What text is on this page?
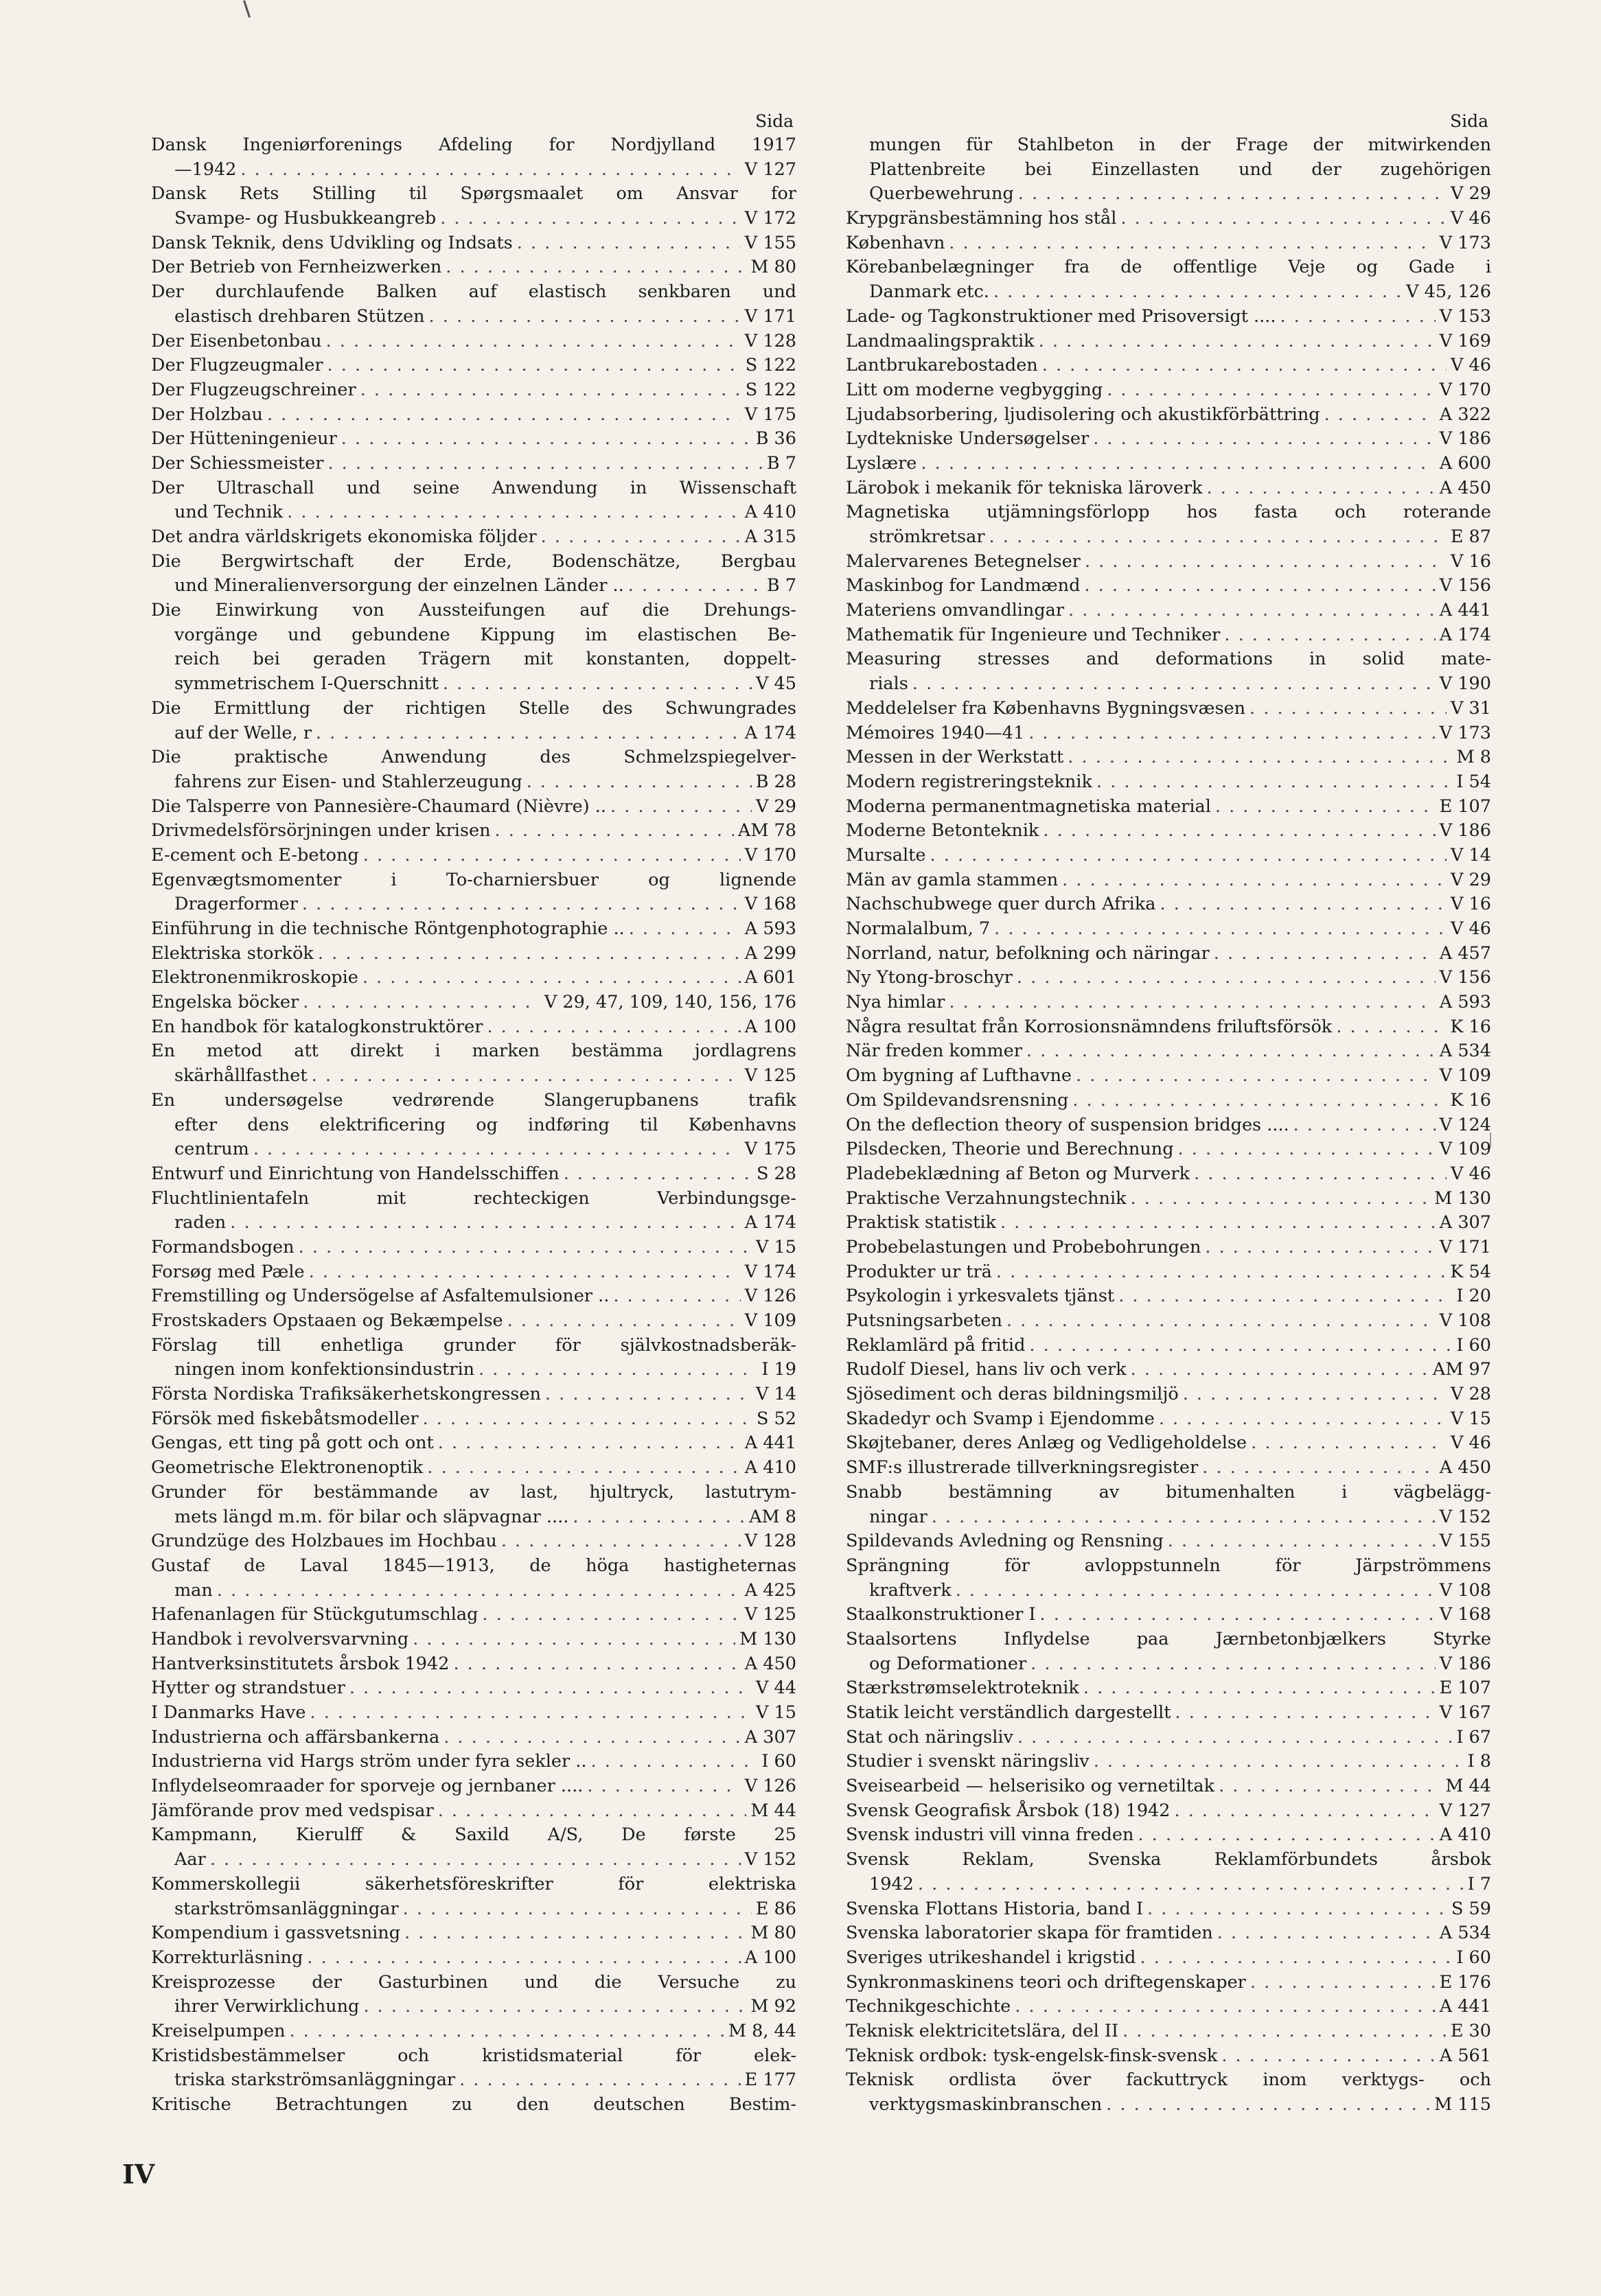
Sida
Dansk Ingeniørforenings Afdeling for Nordjylland 1917
—1942 . . .	V 127
Dansk Rets Stilling til Spørgsmaalet om Ansvar for
Svampe- og Husbukkeangreb . . .	V 172
Dansk Teknik, dens Udvikling og Indsats . . .	V 155
Der Betrieb von Fernheizwerken . . .	M 80
Der durchlaufende Balken auf elastisch senkbaren und
elastisch drehbaren Stützen . . .	V 171
Der Eisenbetonbau . . .	V 128
Der Flugzeugmaler . . .	S 122
Der Flugzeugschreiner . . .	S 122
Der Holzbau . . .	V 175
Der Hütteningenieur . . .	B 36
Der Schiessmeister . . .	B 7
Der Ultraschall und seine Anwendung in Wissenschaft
und Technik . . .	A 410
Det andra världskrigets ekonomiska följder . . .	A 315
Die Bergwirtschaft der Erde, Bodenschätze, Bergbau
und Mineralienversorgung der einzelnen Länder .. . . .	B 7
Die Einwirkung von Aussteifungen auf die Drehungs-
vorgänge und gebundene Kippung im elastischen Be-
reich bei geraden Trägern mit konstanten, doppelt-
symmetrischem I-Querschnitt . . .	V 45
Die Ermittlung der richtigen Stelle des Schwungrades
auf der Welle, r . . .	A 174
Die praktische Anwendung des Schmelzspiegelver-
fahrens zur Eisen- und Stahlerzeugung . . .	B 28
Die Talsperre von Pannesière-Chaumard (Nièvre) .. . . .	V 29
Drivmedelsförsörjningen under krisen . . .	AM 78
E-cement och E-betong . . .	V 170
Egenvægtsmomenter i To-charniersbuer og lignende
Dragerformer . . .	V 168
Einführung in die technische Röntgenphotographie .. . . .	A 593
Elektriska storkök . . .	A 299
Elektronenmikroskopie . . .	A 601
Engelska böcker . . .	V 29, 47, 109, 140, 156, 176
En handbok för katalogkonstruktörer . . .	A 100
En metod att direkt i marken bestämma jordlagrens
skärhållfasthet . . .	V 125
En undersøgelse vedrørende Slangerupbanens trafik
efter dens elektrificering og indføring til Københavns
centrum . . .	V 175
Entwurf und Einrichtung von Handelsschiffen . . .	S 28
Fluchtlinientafeln mit rechteckigen Verbindungsge-
raden . . .	A 174
Formandsbogen . . .	V 15
Forsøg med Pæle . . .	V 174
Fremstilling og Undersögelse af Asfaltemulsioner .. . . .	V 126
Frostskaders Opstaaen og Bekæmpelse . . .	V 109
Förslag till enhetliga grunder för självkostnadsberäk-
ningen inom konfektionsindustrin . . .	I 19
Första Nordiska Trafiksäkerhetskongressen . . .	V 14
Försök med fiskebåtsmodeller . . .	S 52
Gengas, ett ting på gott och ont . . .	A 441
Geometrische Elektronenoptik . . .	A 410
Grunder för bestämmande av last, hjultryck, lastutrym-
mets längd m.m. för bilar och släpvagnar .... . . .	AM 8
Grundzüge des Holzbaues im Hochbau . . .	V 128
Gustaf de Laval 1845—1913, de höga hastigheternas
man . . .	A 425
Hafenanlagen für Stückgutumschlag . . .	V 125
Handbok i revolversvarvning . . .	M 130
Hantverksinstitutets årsbok 1942 . . .	A 450
Hytter og strandstuer . . .	V 44
I Danmarks Have . . .	V 15
Industrierna och affärsbankerna . . .	A 307
Industrierna vid Hargs ström under fyra sekler .. . . .	I 60
Inflydelseomraader for sporveje og jernbaner .... . . .	V 126
Jämförande prov med vedspisar . . .	M 44
Kampmann, Kierulff & Saxild A/S, De første 25
Aar . . .	V 152
Kommerskollegii säkerhetsföreskrifter för elektriska
starkströmsanläggningar . . .	E 86
Kompendium i gassvetsning . . .	M 80
Korrekturläsning . . .	A 100
Kreisprozesse der Gasturbinen und die Versuche zu
ihrer Verwirklichung . . .	M 92
Kreiselpumpen . . .	M 8, 44
Kristidsbestämmelser och kristidsmaterial för elek-
triska starkströmsanläggningar . . .	E 177
Kritische Betrachtungen zu den deutschen Bestim-
Sida
mungen für Stahlbeton in der Frage der mitwirkenden
Plattenbreite bei Einzellasten und der zugehörigen
Querbewehrung . . .	V 29
Krypgränsbestämning hos stål . . .	V 46
København . . .	V 173
Körebanbelægninger fra de offentlige Veje og Gade i
Danmark etc. . . .	V 45, 126
Lade- og Tagkonstruktioner med Prisoversigt .... . . .	V 153
Landmaalingspraktik . . .	V 169
Lantbrukarebostaden . . .	V 46
Litt om moderne vegbygging . . .	V 170
Ljudabsorbering, ljudisolering och akustikförbättring . . .	A 322
Lydtekniske Undersøgelser . . .	V 186
Lyslære . . .	A 600
Lärobok i mekanik för tekniska läroverk . . .	A 450
Magnetiska utjämningsförlopp hos fasta och roterande
strömkretsar . . .	E 87
Malervarenes Betegnelser . . .	V 16
Maskinbog for Landmænd . . .	V 156
Materiens omvandlingar . . .	A 441
Mathematik für Ingenieure und Techniker . . .	A 174
Measuring stresses and deformations in solid mate-
rials . . .	V 190
Meddelelser fra Københavns Bygningsvæsen . . .	V 31
Mémoires 1940—41 . . .	V 173
Messen in der Werkstatt . . .	M 8
Modern registreringsteknik . . .	I 54
Moderna permanentmagnetiska material . . .	E 107
Moderne Betonteknik . . .	V 186
Mursalte . . .	V 14
Män av gamla stammen . . .	V 29
Nachschubwege quer durch Afrika . . .	V 16
Normalalbum, 7 . . .	V 46
Norrland, natur, befolkning och näringar . . .	A 457
Ny Ytong-broschyr . . .	V 156
Nya himlar . . .	A 593
Några resultat från Korrosionsnämndens friluftsförsök . . .	K 16
När freden kommer . . .	A 534
Om bygning af Lufthavne . . .	V 109
Om Spildevandsrensning . . .	K 16
On the deflection theory of suspension bridges .... . . .	V 124
Pilsdecken, Theorie und Berechnung . . .	V 109
Pladebeklædning af Beton og Murverk . . .	V 46
Praktische Verzahnungstechnik . . .	M 130
Praktisk statistik . . .	A 307
Probebelastungen und Probebohrungen . . .	V 171
Produkter ur trä . . .	K 54
Psykologin i yrkesvalets tjänst . . .	I 20
Putsningsarbeten . . .	V 108
Reklamlärd på fritid . . .	I 60
Rudolf Diesel, hans liv och verk . . .	AM 97
Sjösediment och deras bildningsmiljö . . .	V 28
Skadedyr och Svamp i Ejendomme . . .	V 15
Skøjtebaner, deres Anlæg og Vedligeholdelse . . .	V 46
SMF:s illustrerade tillverkningsregister . . .	A 450
Snabb bestämning av bitumenhalten i vägbelägg-
ningar . . .	V 152
Spildevands Avledning og Rensning . . .	V 155
Sprängning för avloppstunneln för Järpströmmens
kraftverk . . .	V 108
Staalkonstruktioner I . . .	V 168
Staalsortens Inflydelse paa Jærnbetonbjælkers Styrke
og Deformationer . . .	V 186
Stærkstrømselektroteknik . . .	E 107
Statik leicht verständlich dargestellt . . .	V 167
Stat och näringsliv . . .	I 67
Studier i svenskt näringsliv . . .	I 8
Sveisearbeid — helserisiko og vernetiltak . . .	M 44
Svensk Geografisk Årsbok (18) 1942 . . .	V 127
Svensk industri vill vinna freden . . .	A 410
Svensk Reklam, Svenska Reklamförbundets årsbok
1942 . . .	I 7
Svenska Flottans Historia, band I . . .	S 59
Svenska laboratorier skapa för framtiden . . .	A 534
Sveriges utrikeshandel i krigstid . . .	I 60
Synkronmaskinens teori och driftegenskaper . . .	E 176
Technikgeschichte . . .	A 441
Teknisk elektricitetslära, del II . . .	E 30
Teknisk ordbok: tysk-engelsk-finsk-svensk . . .	A 561
Teknisk ordlista över fackuttryck inom verktygs- och
verktygsmaskinbranschen . . .	M 115
IV
